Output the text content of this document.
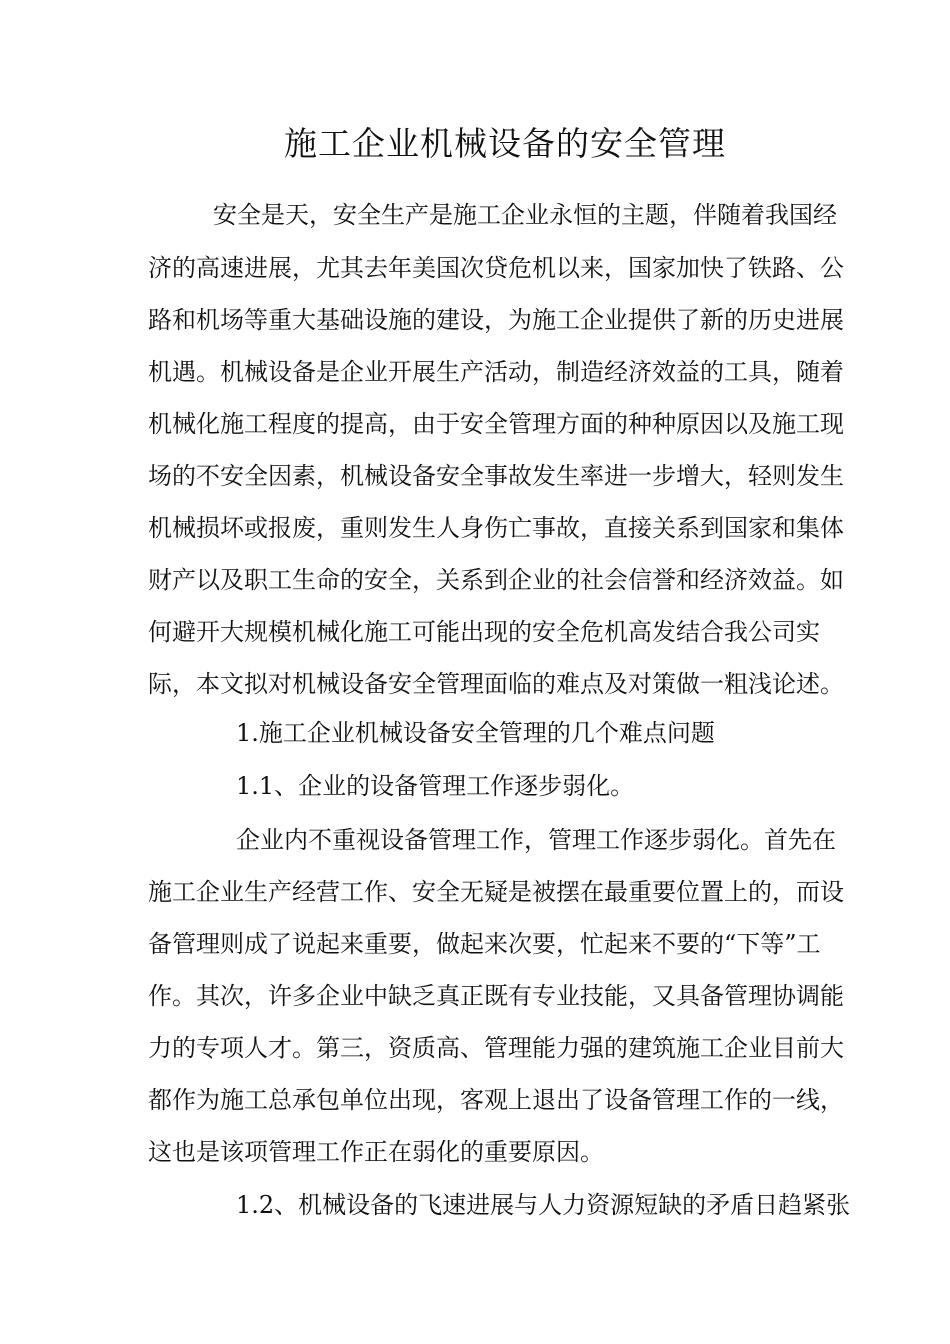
施工企业机械设备的安全管理
安全是天，安全生产是施工企业永恒的主题，伴随着我国经
济的高速进展，尤其去年美国次贷危机以来，国家加快了铁路、公
路和机场等重大基础设施的建设，为施工企业提供了新的历史进展
机遇。机械设备是企业开展生产活动，制造经济效益的工具，随着
机械化施工程度的提高，由于安全管理方面的种种原因以及施工现
场的不安全因素，机械设备安全事故发生率进一步增大，轻则发生
机械损坏或报废，重则发生人身伤亡事故，直接关系到国家和集体
财产以及职工生命的安全，关系到企业的社会信誉和经济效益。如
何避开大规模机械化施工可能出现的安全危机高发结合我公司实
际，本文拟对机械设备安全管理面临的难点及对策做一粗浅论述。
1.施工企业机械设备安全管理的几个难点问题
1.1、企业的设备管理工作逐步弱化。
企业内不重视设备管理工作，管理工作逐步弱化。首先在
施工企业生产经营工作、安全无疑是被摆在最重要位置上的，而设
备管理则成了说起来重要，做起来次要，忙起来不要的“下等”工
作。其次，许多企业中缺乏真正既有专业技能，又具备管理协调能
力的专项人才。第三，资质高、管理能力强的建筑施工企业目前大
都作为施工总承包单位出现，客观上退出了设备管理工作的一线，
这也是该项管理工作正在弱化的重要原因。
1.2、机械设备的飞速进展与人力资源短缺的矛盾日趋紧张
